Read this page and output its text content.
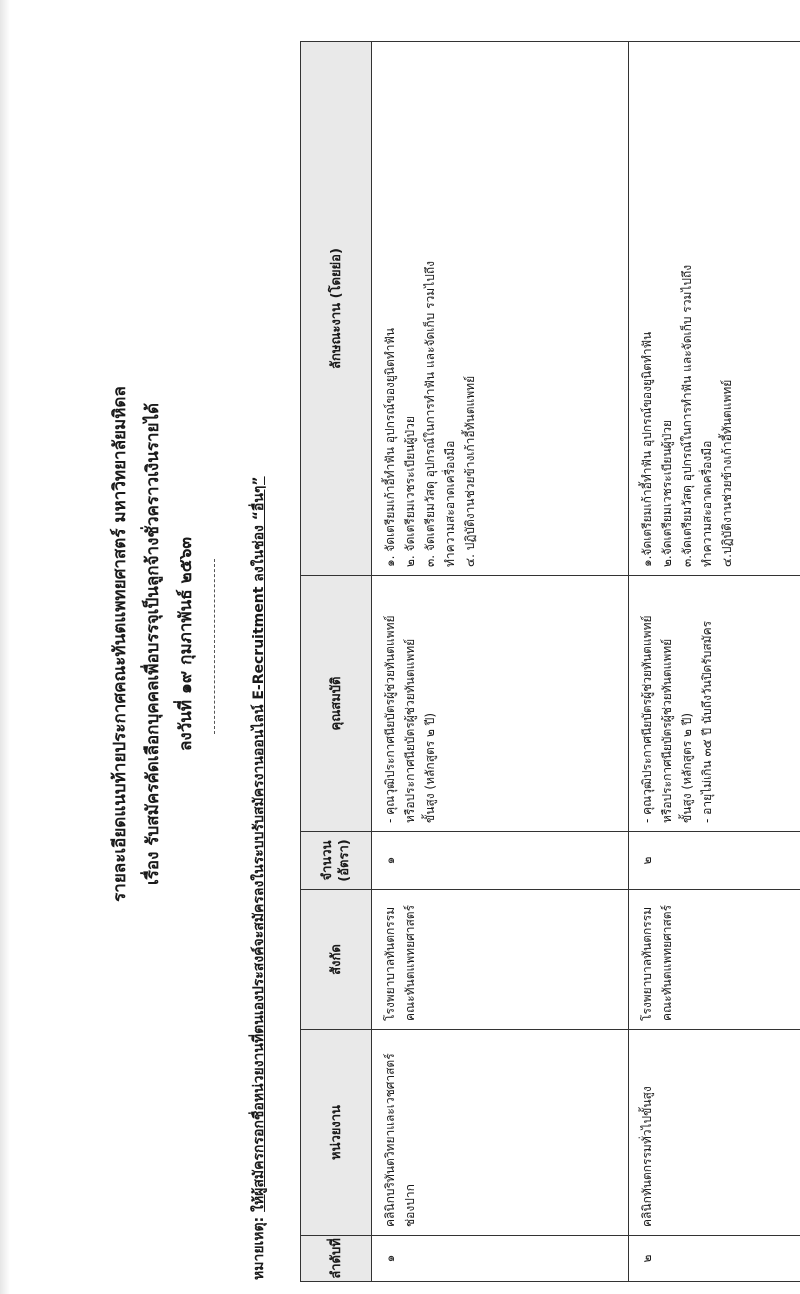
รายละเอียดแนบท้ายประกาศคณะทันตแพทยศาสตร์ มหาวิทยาลัยมหิดล เรื่อง รับสมัครคัดเลือกบุคคลเพื่อบรรจุเป็นลูกจ้างชั่วคราวเงินรายได้ ลงวันที่ ๑๙ กุมภาพันธ์ ๒๕๖๓
หมายเหตุ: ให้ผู้สมัครกรอกชื่อหน่วยงานที่ตนเองประสงค์จะสมัครลงในระบบรับสมัครงานออนไลน์ E-Recruitment ลงในช่อง “อื่นๆ”
ลำดับที่	หน่วยงาน	สังกัด	จำนวน (อัตรา)	คุณสมบัติ	ลักษณะงาน (โดยย่อ)
๑	คลินิกบริทันตวิทยาและเวชศาสตร์ช่องปาก	โรงพยาบาลทันตกรรม คณะทันตแพทยศาสตร์	๑	- คุณวุฒิประกาศนียบัตรผู้ช่วยทันตแพทย์ หรือประกาศนียบัตรผู้ช่วยทันตแพทย์ ขั้นสูง (หลักสูตร ๒ ปี)	๑. จัดเตรียมเก้าอี้ทำฟัน อุปกรณ์ของยูนิตทำฟัน ๒. จัดเตรียมเวชระเบียนผู้ป่วย ๓. จัดเตรียมวัสดุ อุปกรณ์ในการทำฟัน และจัดเก็บ รวมไปถึง ทำความสะอาดเครื่องมือ ๔. ปฏิบัติงานช่วยข้างเก้าอี้ทันตแพทย์

๒	คลินิกทันตกรรมทั่วไปขั้นสูง	โรงพยาบาลทันตกรรม คณะทันตแพทยศาสตร์	๒	- คุณวุฒิประกาศนียบัตรผู้ช่วยทันตแพทย์ หรือประกาศนียบัตรผู้ช่วยทันตแพทย์ ขั้นสูง (หลักสูตร ๒ ปี) - อายุไม่เกิน ๓๕ ปี นับถึงวันปิดรับสมัคร	๑.จัดเตรียมเก้าอี้ทำฟัน อุปกรณ์ของยูนิตทำฟัน ๒.จัดเตรียมเวชระเบียนผู้ป่วย ๓.จัดเตรียมวัสดุ อุปกรณ์ในการทำฟัน และจัดเก็บ รวมไปถึง ทำความสะอาดเครื่องมือ ๔.ปฏิบัติงานช่วยข้างเก้าอี้ทันตแพทย์
